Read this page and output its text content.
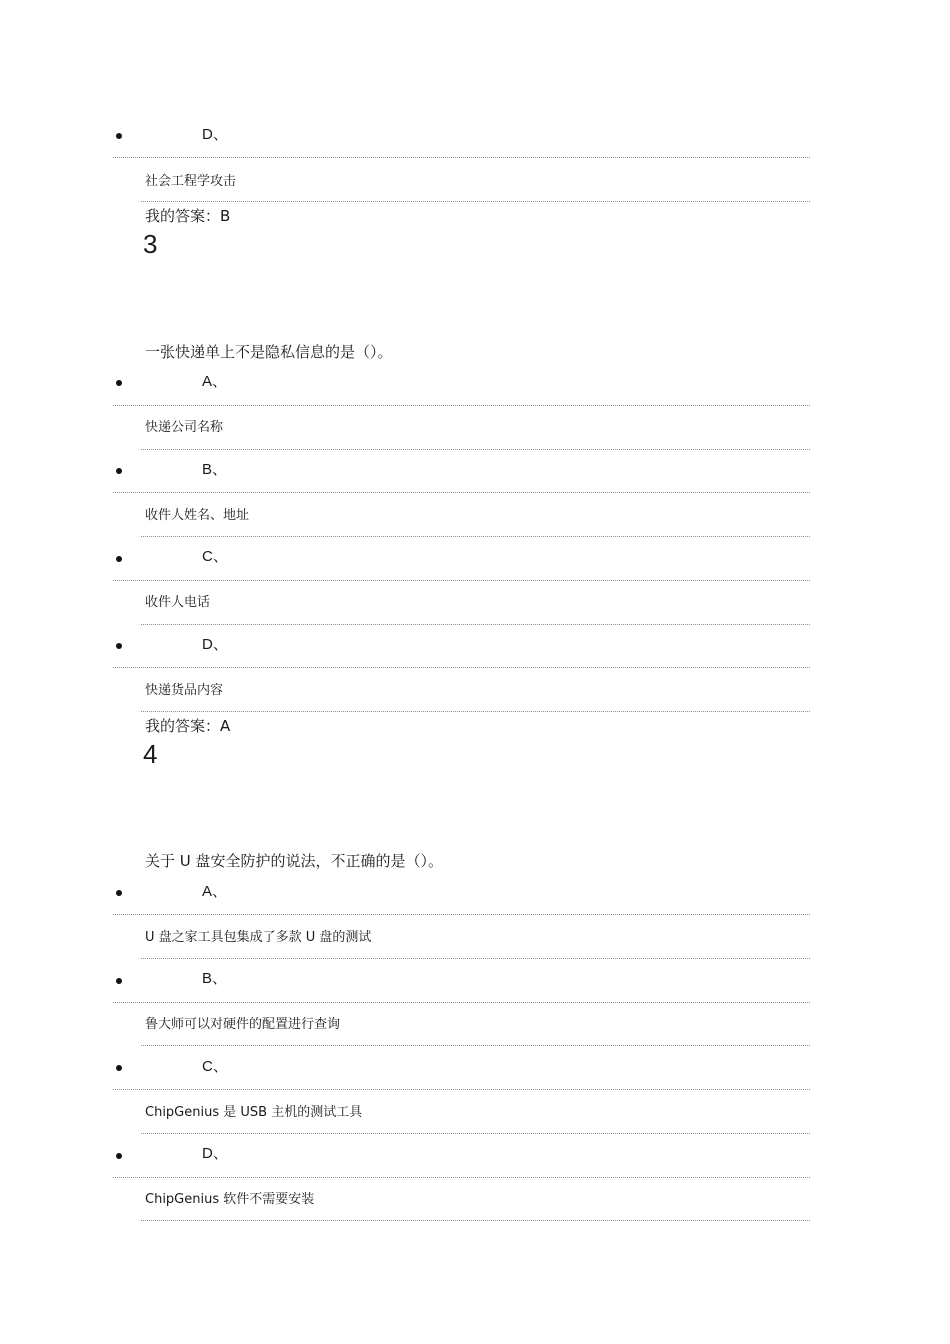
D、
社会工程学攻击
我的答案：B
3
一张快递单上不是隐私信息的是（）。
A、
快递公司名称
B、
收件人姓名、地址
C、
收件人电话
D、
快递货品内容
我的答案：A
4
关于 U 盘安全防护的说法，不正确的是（）。
A、
U 盘之家工具包集成了多款 U 盘的测试
B、
鲁大师可以对硬件的配置进行查询
C、
ChipGenius 是 USB 主机的测试工具
D、
ChipGenius 软件不需要安装
